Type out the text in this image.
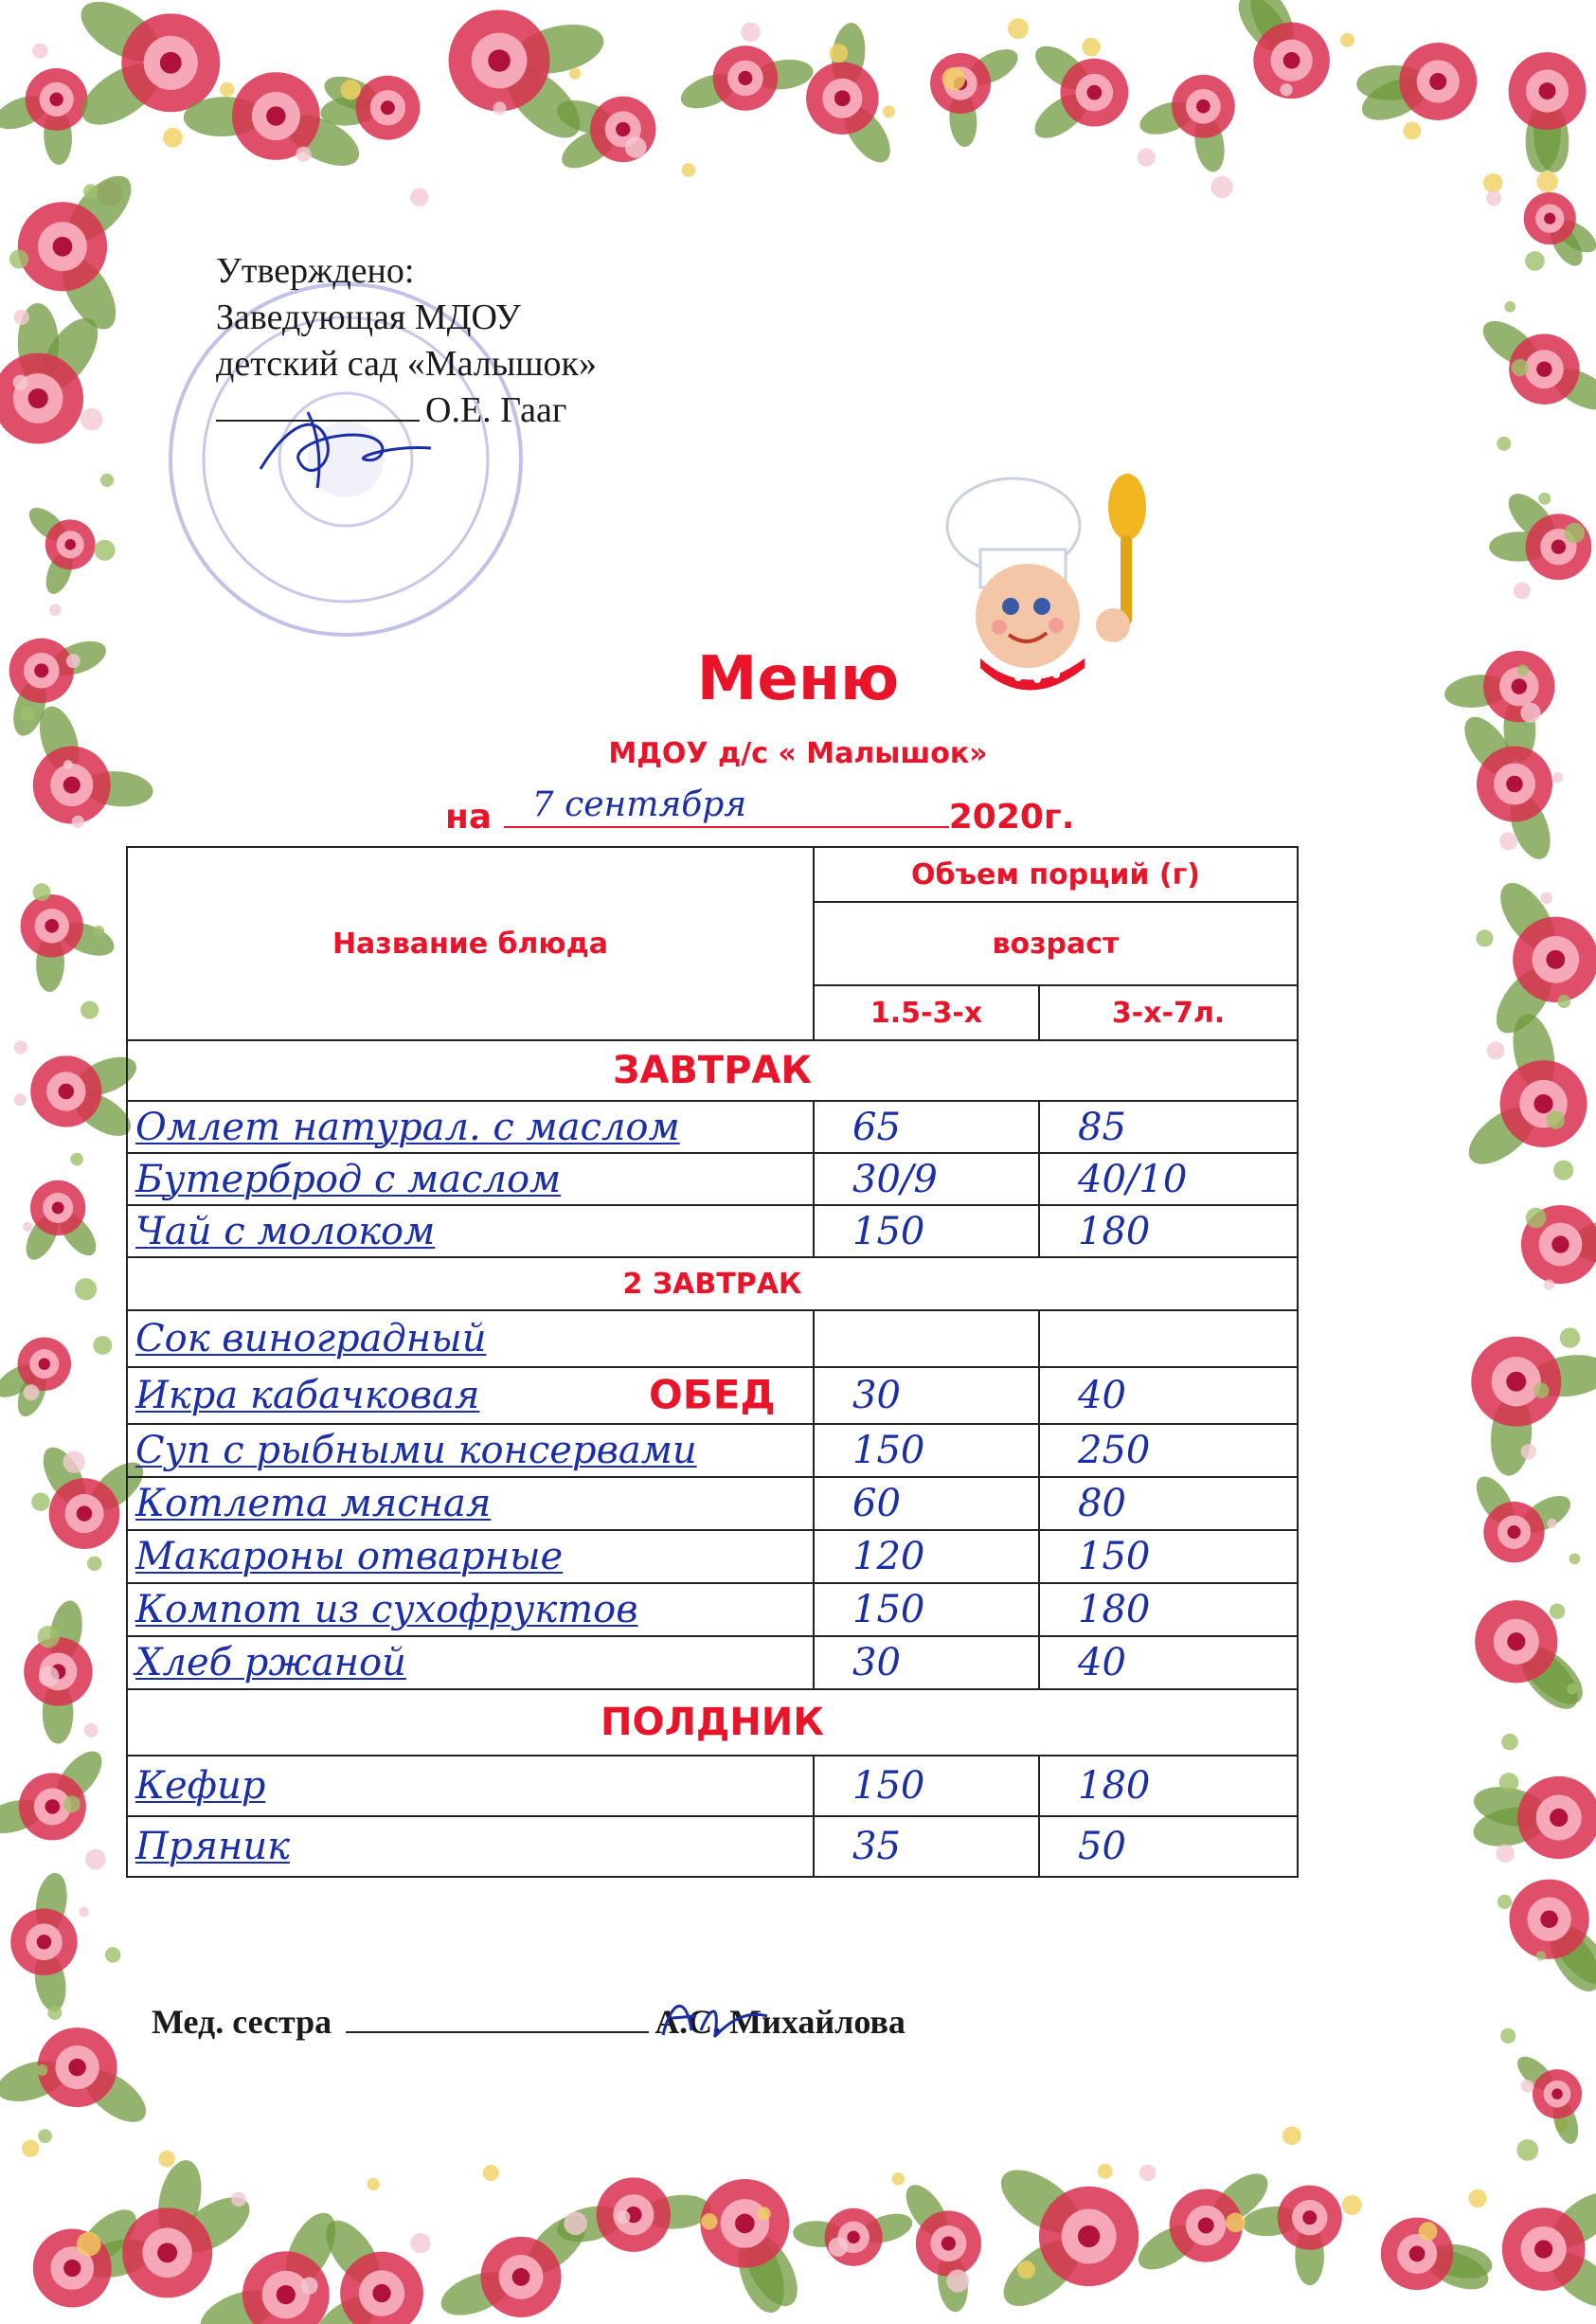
Утверждено:
Заведующая МДОУ
детский сад «Малышок»
О.Е. Гааг
Меню
МДОУ д/с « Малышок»
на 7 сентября	2020г.
Название блюда	Объем порций (г)	
	возраст	
	1.5-3-х	3-х-7л.
ЗАВТРАК		
Омлет натурал. с маслом	65	85
Бутерброд с маслом	30/9	40/10
Чай с молоком	150	180
2 ЗАВТРАК		
Сок виноградный		
Икра кабачковая ОБЕД	30	40
Суп с рыбными консервами	150	250
Котлета мясная	60	80
Макароны отварные	120	150
Компот из сухофруктов	150	180
Хлеб ржаной	30	40
ПОЛДНИК		
Кефир	150	180
Пряник	35	50
Мед. сестра	А.С. Михайлова
